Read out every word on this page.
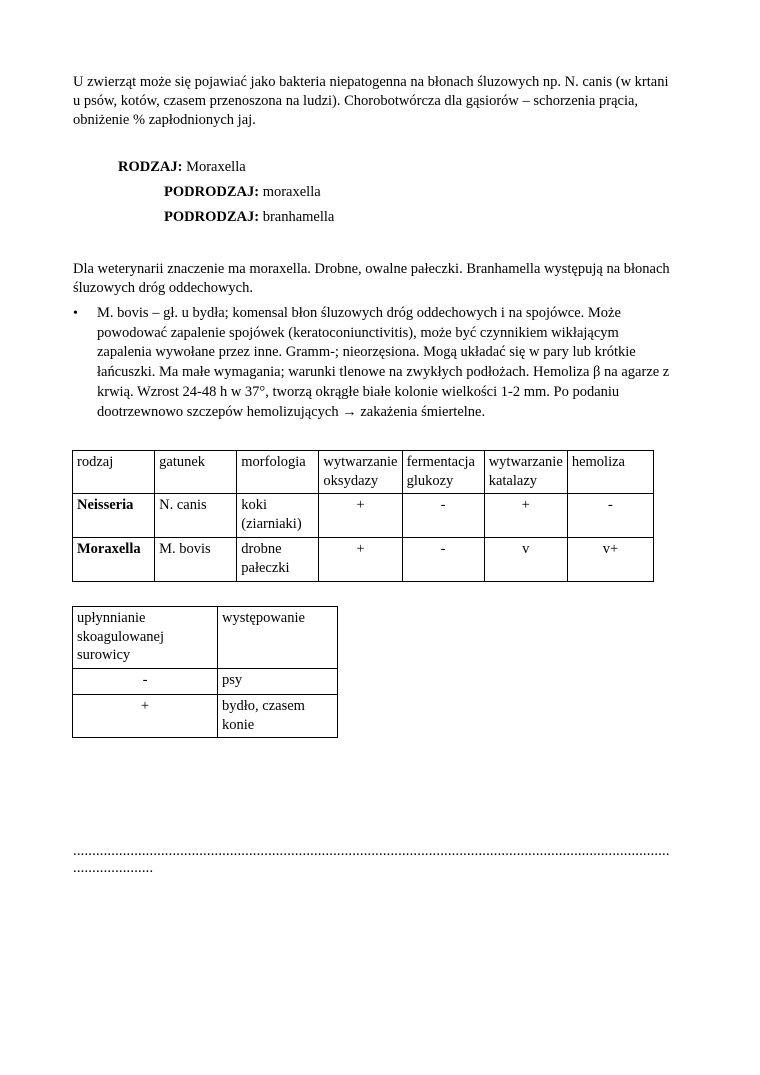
U zwierząt może się pojawiać jako bakteria niepatogenna na błonach śluzowych np. N. canis (w krtani u psów, kotów, czasem przenoszona na ludzi). Chorobotwórcza dla gąsiorów – schorzenia prącia, obniżenie % zapłodnionych jaj.

RODZAJ: Moraxella
PODRODZAJ: moraxella
PODRODZAJ: branhamella

Dla weterynarii znaczenie ma moraxella. Drobne, owalne pałeczki. Branhamella występują na błonach śluzowych dróg oddechowych.

• M. bovis – gł. u bydła; komensal błon śluzowych dróg oddechowych i na spojówce. Może powodować zapalenie spojówek (keratoconiunctivitis), może być czynnikiem wikłającym zapalenia wywołane przez inne. Gramm-; nieorzęsiona. Mogą układać się w pary lub krótkie łańcuszki. Ma małe wymagania; warunki tlenowe na zwykłych podłożach. Hemoliza β na agarze z krwią. Wzrost 24-48 h w 37°, tworzą okrągłe białe kolonie wielkości 1-2 mm. Po podaniu dootrzewnowo szczepów hemolizujących → zakażenia śmiertelne.

rodzaj	gatunek	morfologia	wytwarzanie oksydazy	fermentacja glukozy	wytwarzanie katalazy	hemoliza
Neisseria	N. canis	koki (ziarniaki)	+	-	+	-
Moraxella	M. bovis	drobne pałeczki	+	-	v	v+
upłynnianie skoagulowanej surowicy	występowanie
-	psy
+	bydło, czasem konie
............................................................................................................................................................
.....................
